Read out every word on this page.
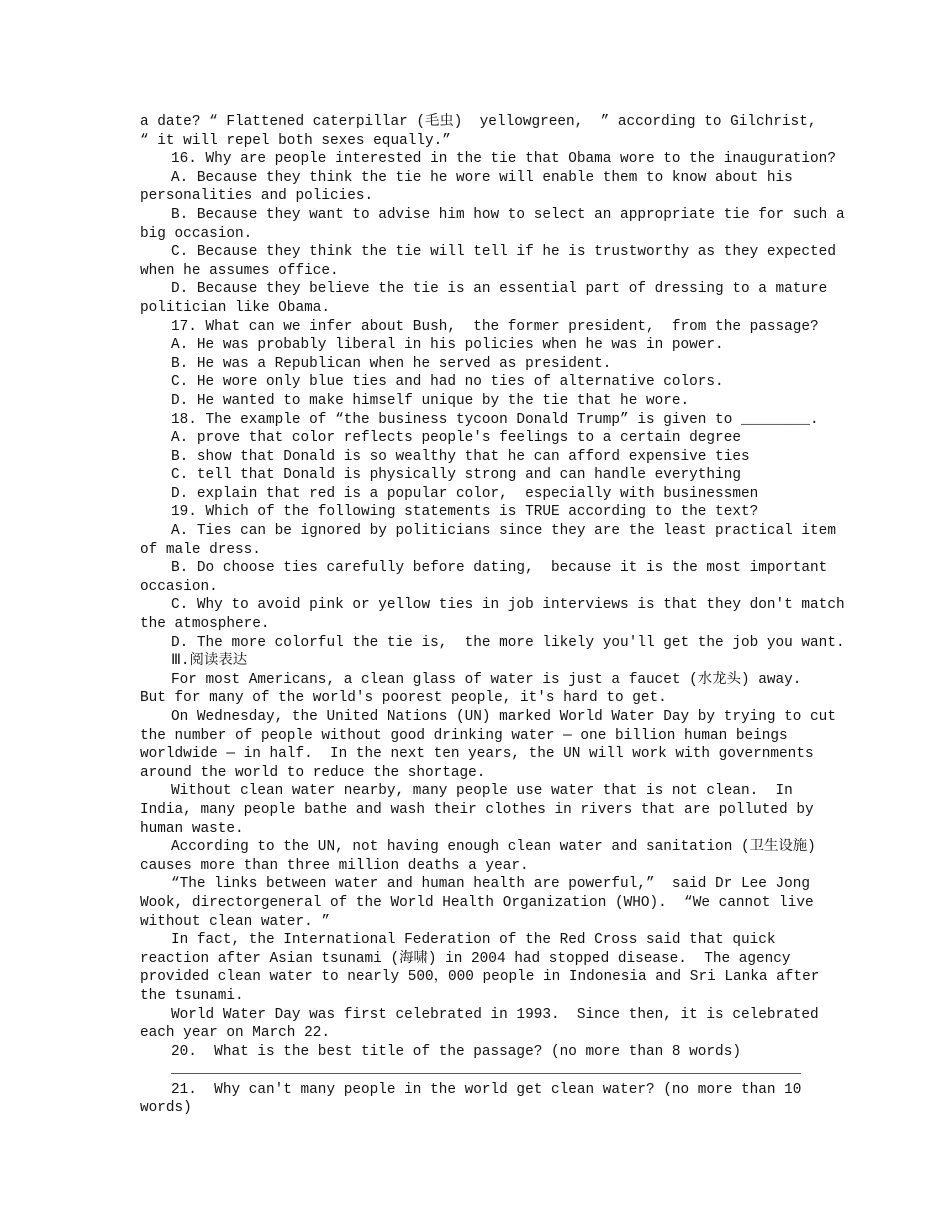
a date? “ Flattened caterpillar (毛虫)  yellowgreen,  ” according to Gilchrist,
“ it will repel both sexes equally.”
16. Why are people interested in the tie that Obama wore to the inauguration?
A. Because they think the tie he wore will enable them to know about his
personalities and policies.
B. Because they want to advise him how to select an appropriate tie for such a
big occasion.
C. Because they think the tie will tell if he is trustworthy as they expected
when he assumes office.
D. Because they believe the tie is an essential part of dressing to a mature
politician like Obama.
17. What can we infer about Bush,  the former president,  from the passage?
A. He was probably liberal in his policies when he was in power.
B. He was a Republican when he served as president.
C. He wore only blue ties and had no ties of alternative colors.
D. He wanted to make himself unique by the tie that he wore.
18. The example of “the business tycoon Donald Trump” is given to ________.
A. prove that color reflects people's feelings to a certain degree
B. show that Donald is so wealthy that he can afford expensive ties
C. tell that Donald is physically strong and can handle everything
D. explain that red is a popular color,  especially with businessmen
19. Which of the following statements is TRUE according to the text?
A. Ties can be ignored by politicians since they are the least practical item
of male dress.
B. Do choose ties carefully before dating,  because it is the most important
occasion.
C. Why to avoid pink or yellow ties in job interviews is that they don't match
the atmosphere.
D. The more colorful the tie is,  the more likely you'll get the job you want.
Ⅲ.阅读表达
For most Americans, a clean glass of water is just a faucet (水龙头) away.
But for many of the world's poorest people, it's hard to get.
On Wednesday, the United Nations (UN) marked World Water Day by trying to cut
the number of people without good drinking water — one billion human beings
worldwide — in half.  In the next ten years, the UN will work with governments
around the world to reduce the shortage.
Without clean water nearby, many people use water that is not clean.  In
India, many people bathe and wash their clothes in rivers that are polluted by
human waste.
According to the UN, not having enough clean water and sanitation (卫生设施)
causes more than three million deaths a year.
“The links between water and human health are powerful,”  said Dr Lee Jong
Wook, directorgeneral of the World Health Organization (WHO).  “We cannot live
without clean water. ”
In fact, the International Federation of the Red Cross said that quick
reaction after Asian tsunami (海啸) in 2004 had stopped disease.  The agency
provided clean water to nearly 500，000 people in Indonesia and Sri Lanka after
the tsunami.
World Water Day was first celebrated in 1993.  Since then, it is celebrated
each year on March 22.
20.  What is the best title of the passage? (no more than 8 words)
21.  Why can't many people in the world get clean water? (no more than 10
words)
